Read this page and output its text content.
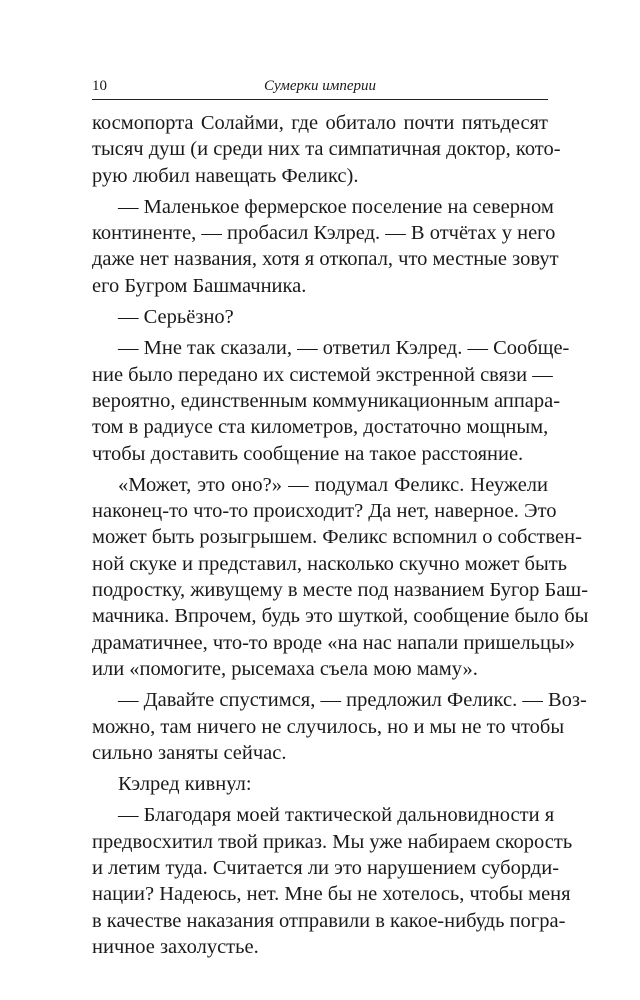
10	Сумерки империи
космопорта Солайми, где обитало почти пятьдесят
тысяч душ (и среди них та симпатичная доктор, кото-
рую любил навещать Феликс).
— Маленькое фермерское поселение на северном
континенте, — пробасил Кэлред. — В отчётах у него
даже нет названия, хотя я откопал, что местные зовут
его Бугром Башмачника.
— Серьёзно?
— Мне так сказали, — ответил Кэлред. — Сообще-
ние было передано их системой экстренной связи —
вероятно, единственным коммуникационным аппара-
том в радиусе ста километров, достаточно мощным,
чтобы доставить сообщение на такое расстояние.
«Может, это оно?» — подумал Феликс. Неужели
наконец-то что-то происходит? Да нет, наверное. Это
может быть розыгрышем. Феликс вспомнил о собствен-
ной скуке и представил, насколько скучно может быть
подростку, живущему в месте под названием Бугор Баш-
мачника. Впрочем, будь это шуткой, сообщение было бы
драматичнее, что-то вроде «на нас напали пришельцы»
или «помогите, рысемаха съела мою маму».
— Давайте спустимся, — предложил Феликс. — Воз-
можно, там ничего не случилось, но и мы не то чтобы
сильно заняты сейчас.
Кэлред кивнул:
— Благодаря моей тактической дальновидности я
предвосхитил твой приказ. Мы уже набираем скорость
и летим туда. Считается ли это нарушением суборди-
нации? Надеюсь, нет. Мне бы не хотелось, чтобы меня
в качестве наказания отправили в какое-нибудь погра-
ничное захолустье.
